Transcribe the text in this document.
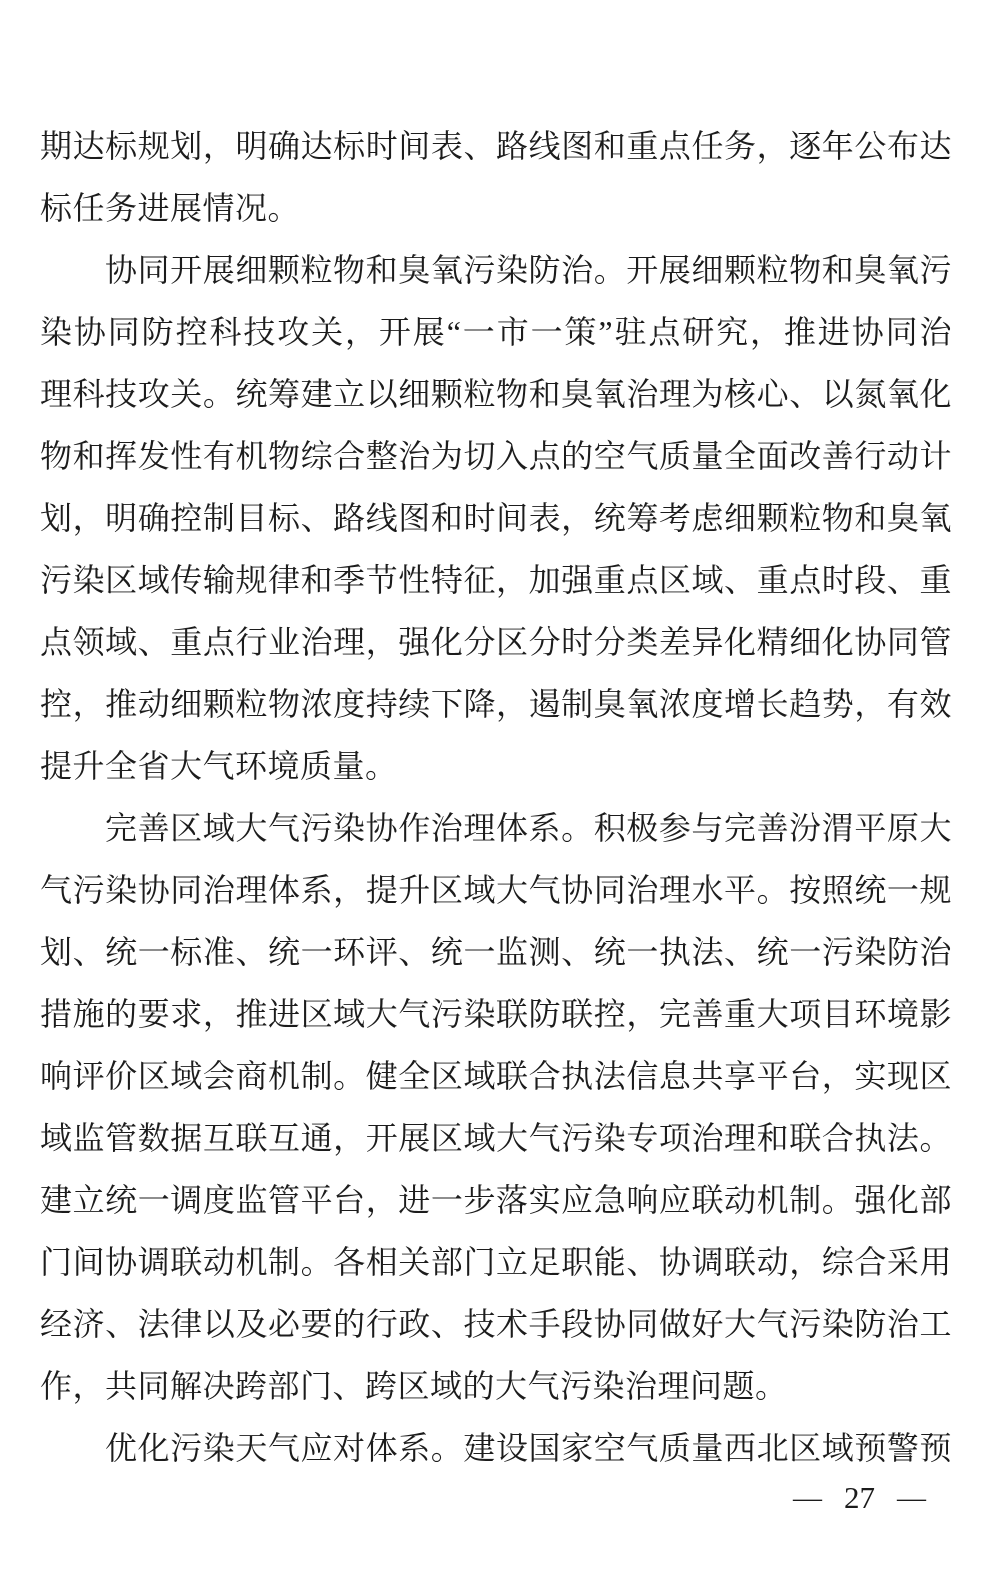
期达标规划，明确达标时间表、路线图和重点任务，逐年公布达
标任务进展情况。
协同开展细颗粒物和臭氧污染防治。开展细颗粒物和臭氧污
染协同防控科技攻关，开展“一市一策”驻点研究，推进协同治
理科技攻关。统筹建立以细颗粒物和臭氧治理为核心、以氮氧化
物和挥发性有机物综合整治为切入点的空气质量全面改善行动计
划，明确控制目标、路线图和时间表，统筹考虑细颗粒物和臭氧
污染区域传输规律和季节性特征，加强重点区域、重点时段、重
点领域、重点行业治理，强化分区分时分类差异化精细化协同管
控，推动细颗粒物浓度持续下降，遏制臭氧浓度增长趋势，有效
提升全省大气环境质量。
完善区域大气污染协作治理体系。积极参与完善汾渭平原大
气污染协同治理体系，提升区域大气协同治理水平。按照统一规
划、统一标准、统一环评、统一监测、统一执法、统一污染防治
措施的要求，推进区域大气污染联防联控，完善重大项目环境影
响评价区域会商机制。健全区域联合执法信息共享平台，实现区
域监管数据互联互通，开展区域大气污染专项治理和联合执法。
建立统一调度监管平台，进一步落实应急响应联动机制。强化部
门间协调联动机制。各相关部门立足职能、协调联动，综合采用
经济、法律以及必要的行政、技术手段协同做好大气污染防治工
作，共同解决跨部门、跨区域的大气污染治理问题。
优化污染天气应对体系。建设国家空气质量西北区域预警预
— 27 —
